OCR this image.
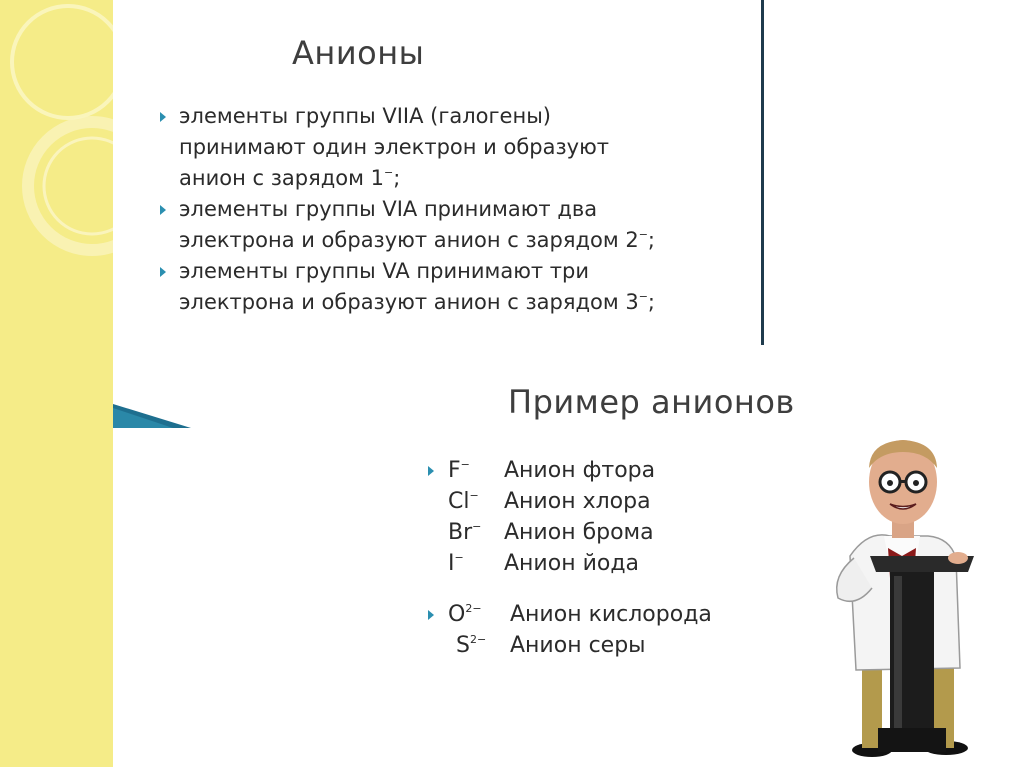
Анионы
элементы группы VIIA (галогены)
принимают один электрон и образуют
анион с зарядом 1−;
элементы группы VIA принимают два
электрона и образуют анион с зарядом 2−;
элементы группы VA принимают три
электрона и образуют анион с зарядом 3−;
Пример анионов
F−	Анион фтора
Cl−	Анион хлора
Br−	Анион брома
I−	Анион йода
$O^{2-}$	Анион кислорода
$S^{2-}$	Анион серы
